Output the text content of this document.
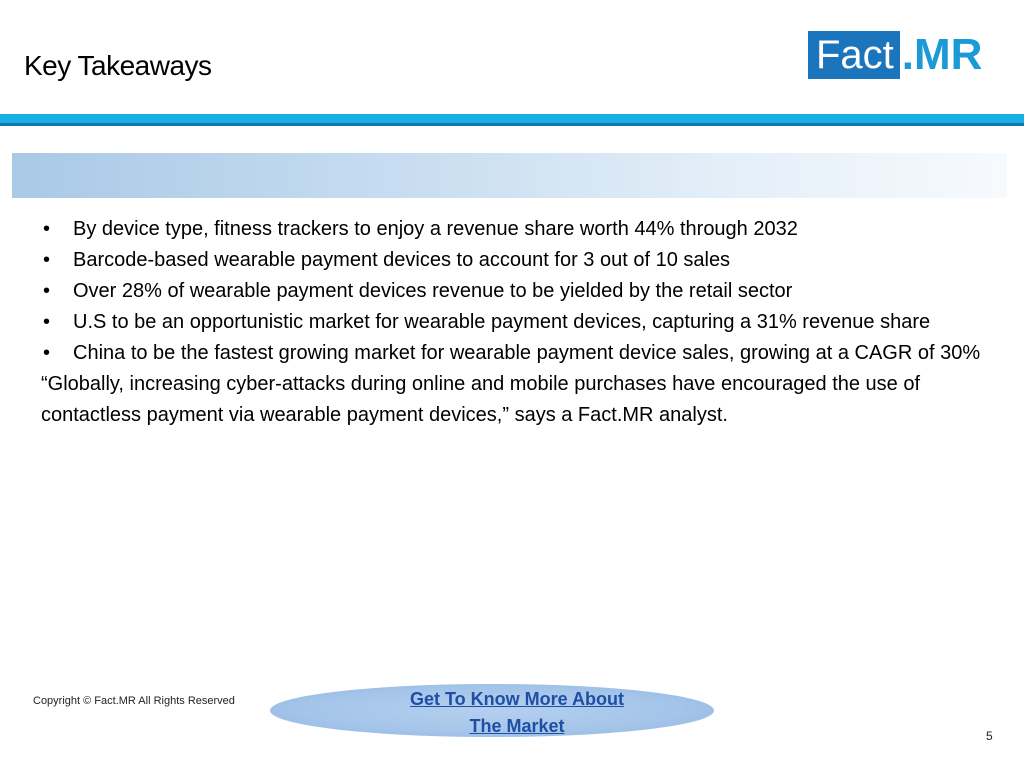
Key Takeaways	Fact .MR
• By device type, fitness trackers to enjoy a revenue share worth 44% through 2032
• Barcode-based wearable payment devices to account for 3 out of 10 sales
• Over 28% of wearable payment devices revenue to be yielded by the retail sector
• U.S to be an opportunistic market for wearable payment devices, capturing a 31% revenue share
• China to be the fastest growing market for wearable payment device sales, growing at a CAGR of 30%

“Globally, increasing cyber-attacks during online and mobile purchases have encouraged the use of contactless payment via wearable payment devices,” says a Fact.MR analyst.

Copyright © Fact.MR All Rights Reserved	Get To Know More About
The Market	5
